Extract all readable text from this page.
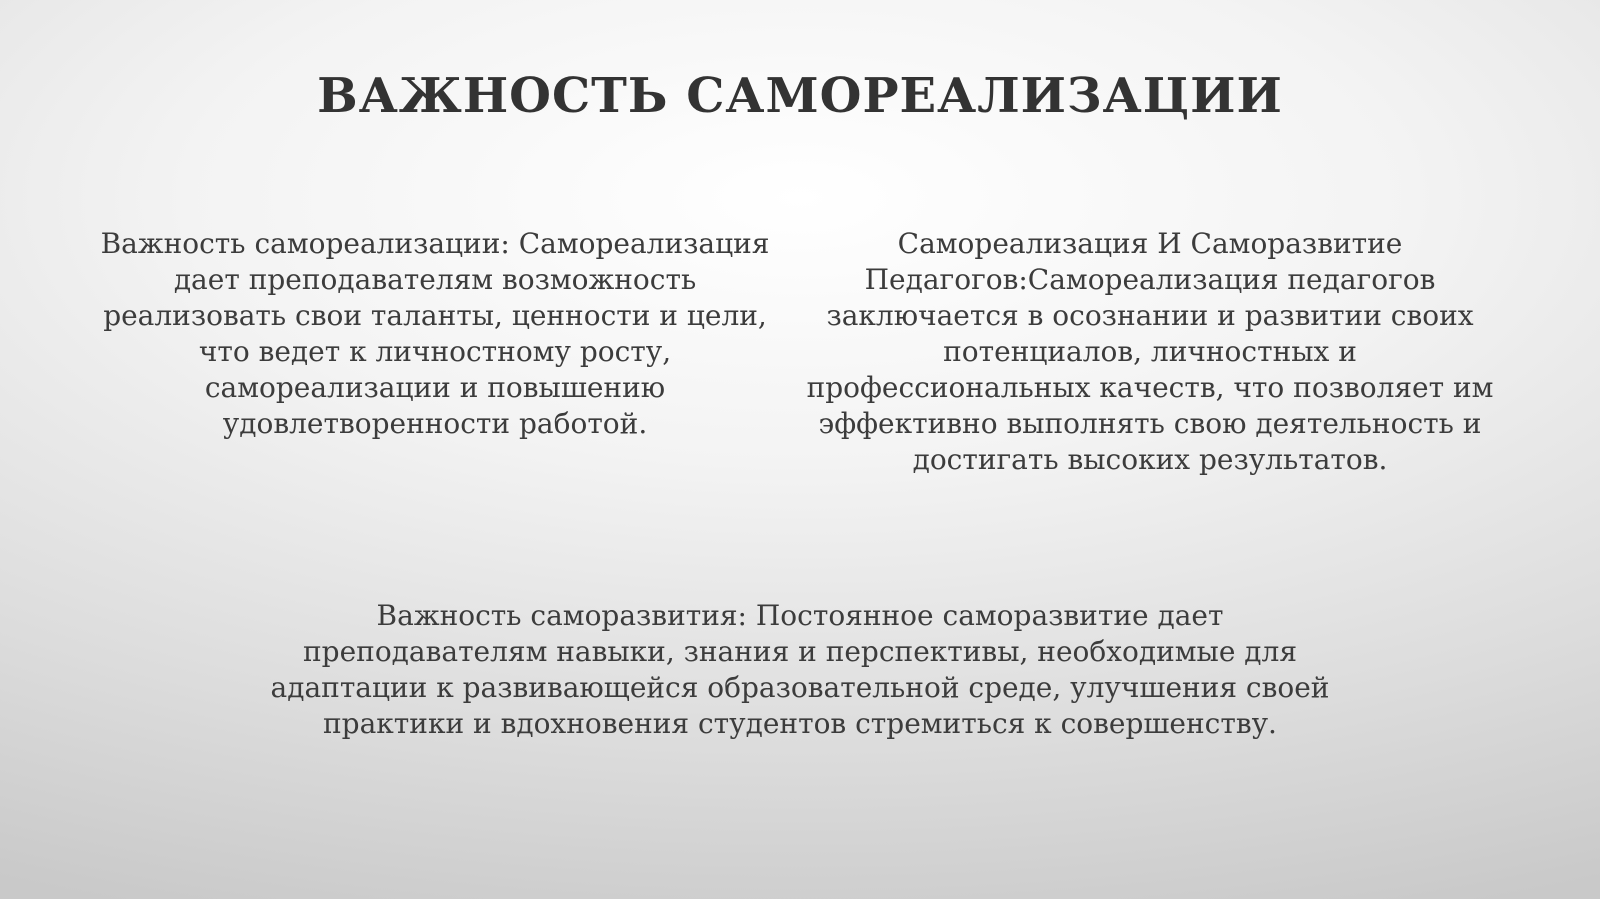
ВАЖНОСТЬ САМОРЕАЛИЗАЦИИ

Важность самореализации: Самореализация дает преподавателям возможность реализовать свои таланты, ценности и цели, что ведет к личностному росту, самореализации и повышению удовлетворенности работой.

Самореализация И Саморазвитие Педагогов:Самореализация педагогов заключается в осознании и развитии своих потенциалов, личностных и профессиональных качеств, что позволяет им эффективно выполнять свою деятельность и достигать высоких результатов.

Важность саморазвития: Постоянное саморазвитие дает преподавателям навыки, знания и перспективы, необходимые для адаптации к развивающейся образовательной среде, улучшения своей практики и вдохновения студентов стремиться к совершенству.
